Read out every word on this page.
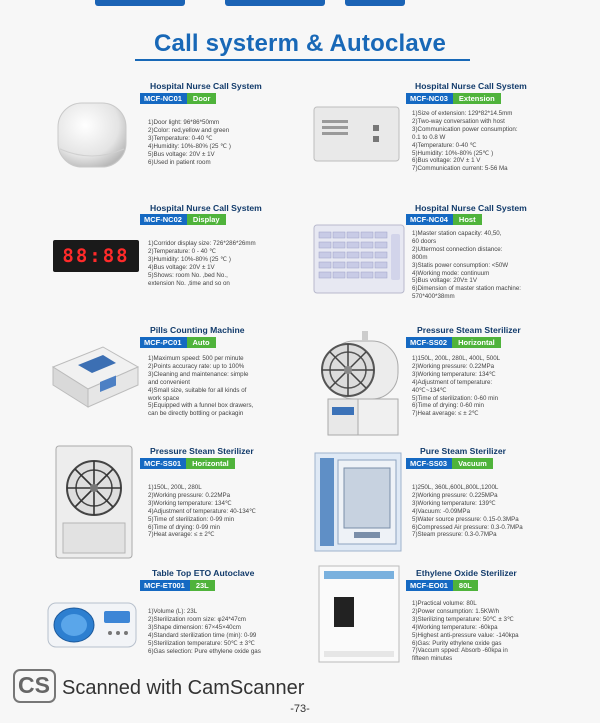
Call systerm & Autoclave
Hospital Nurse Call System
MCF-NC01	Door
1)Door light: 96*86*50mm
2)Color: red,yellow and green
3)Temperature: 0-40 ℃
4)Humidity: 10%-80% (25 ℃ )
5)Bus voltage: 20V ± 1V
6)Used in patient room
Hospital Nurse Call System
MCF-NC03	Extension
1)Size of extension: 129*82*14.5mm
2)Two-way conversation with host
3)Communication power consumption:
0.1 to 0.8 W
4)Temperature: 0-40 ℃
5)Humidity: 10%-80% (25℃ )
6)Bus voltage: 20V ± 1 V
7)Communication current: 5-56 Ma
88:88
Hospital Nurse Call System
MCF-NC02	Display
1)Corridor display size: 726*286*26mm
2)Temperature: 0 - 40 ℃
3)Humidity: 10%-80% (25 ℃ )
4)Bus voltage: 20V ± 1V
5)Shows: room No. ,bed No.,
extension No. ,time and so on
Hospital Nurse Call System
MCF-NC04	Host
1)Master station capacity: 40,50,
60 doors
2)Uttermost connection distance:
800m
3)Statis power consumption: <50W
4)Working mode: continuum
5)Bus voltage: 20V± 1V
6)Dimension of master station machine:
570*400*38mm
Pills Counting Machine
MCF-PC01	Auto
1)Maximum speed: 500 per minute
2)Points accuracy rate: up to 100%
3)Cleaning and maintenance: simple
and convenient
4)Small size, suitable for all kinds of
work space
5)Equipped with a funnel box drawers,
can be directly bottling or packagin
Pressure Steam Sterilizer
MCF-SS02	Horizontal
1)150L, 200L, 280L, 400L, 500L
2)Working pressure: 0.22MPa
3)Working temperature: 134℃
4)Adjustment of temperature:
40℃~134℃
5)Time of sterilization: 0-60 min
6)Time of drying: 0-60 min
7)Heat average: ≤ ± 2℃
Pressure Steam Sterilizer
MCF-SS01	Horizontal
1)150L, 200L, 280L
2)Working pressure: 0.22MPa
3)Working temperature: 134℃
4)Adjustment of temperature: 40-134℃
5)Time of sterilization: 0-99 min
6)Time of drying: 0-99 min
7)Heat average: ≤ ± 2℃
Pure Steam Sterilizer
MCF-SS03	Vacuum
1)250L, 360L,600L,800L,1200L
2)Working pressure: 0.225MPa
3)Working temperature: 139℃
4)Vacuum: -0.09MPa
5)Water source pressure: 0.15-0.3MPa
6)Compressed Air pressure: 0.3-0.7MPa
7)Steam pressure: 0.3-0.7MPa
Table Top ETO Autoclave
MCF-ET001	23L
1)Volume (L): 23L
2)Sterilization room size: φ24*47cm
3)Shape dimension: 67×45×40cm
4)Standard sterilization time (min): 0-99
5)Sterilization temperature: 50℃ ± 3℃
6)Gas selection: Pure ethylene oxide gas
Ethylene Oxide Sterilizer
MCF-EO01	80L
1)Practical volume: 80L
2)Power consumption: 1.5KW/h
3)Sterilizing temperature: 50℃ ± 3℃
4)Working temperature: -60kpa
5)Highest anti-pressure value: -140kpa
6)Gas: Purity ethylene oxide gas
7)Vaccum spped: Absorb -60kpa in
fifteen minutes
CS Scanned with CamScanner
-73-
